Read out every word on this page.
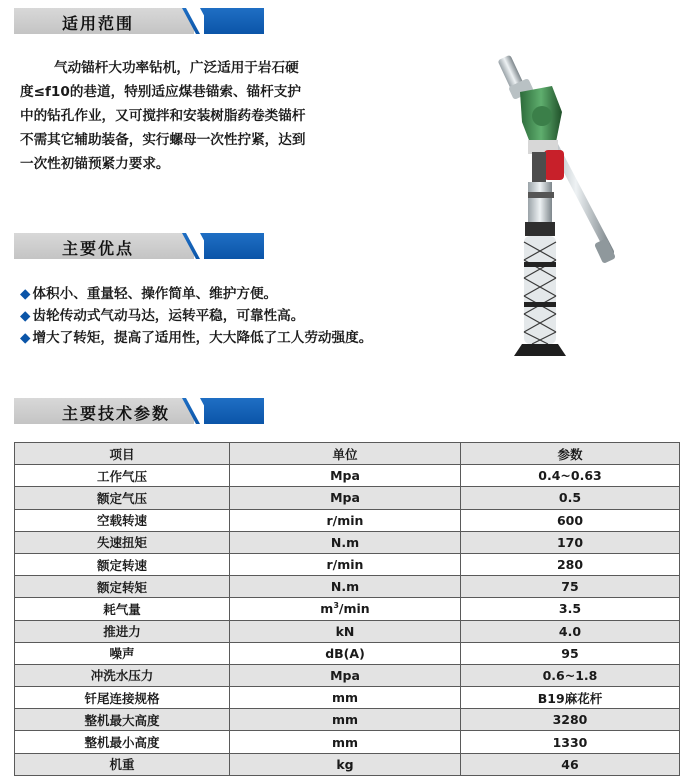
适用范围
气动锚杆大功率钻机，广泛适用于岩石硬
度≤f10的巷道，特别适应煤巷锚索、锚杆支护
中的钻孔作业，又可搅拌和安装树脂药卷类锚杆
不需其它辅助装备，实行螺母一次性拧紧，达到
一次性初锚预紧力要求。
主要优点
◆ 体积小、重量轻、操作简单、维护方便。
◆ 齿轮传动式气动马达，运转平稳，可靠性高。
◆ 增大了转矩，提高了适用性，大大降低了工人劳动强度。
主要技术参数
项目	单位	参数
工作气压	Mpa	0.4~0.63
额定气压	Mpa	0.5
空载转速	r/min	600
失速扭矩	N.m	170
额定转速	r/min	280
额定转矩	N.m	75
耗气量	$m^3/\min$	3.5
推进力	kN	4.0
噪声	dB(A)	95
冲洗水压力	Mpa	0.6~1.8
钎尾连接规格	mm	B19麻花杆
整机最大高度	mm	3280
整机最小高度	mm	1330
机重	kg	46
